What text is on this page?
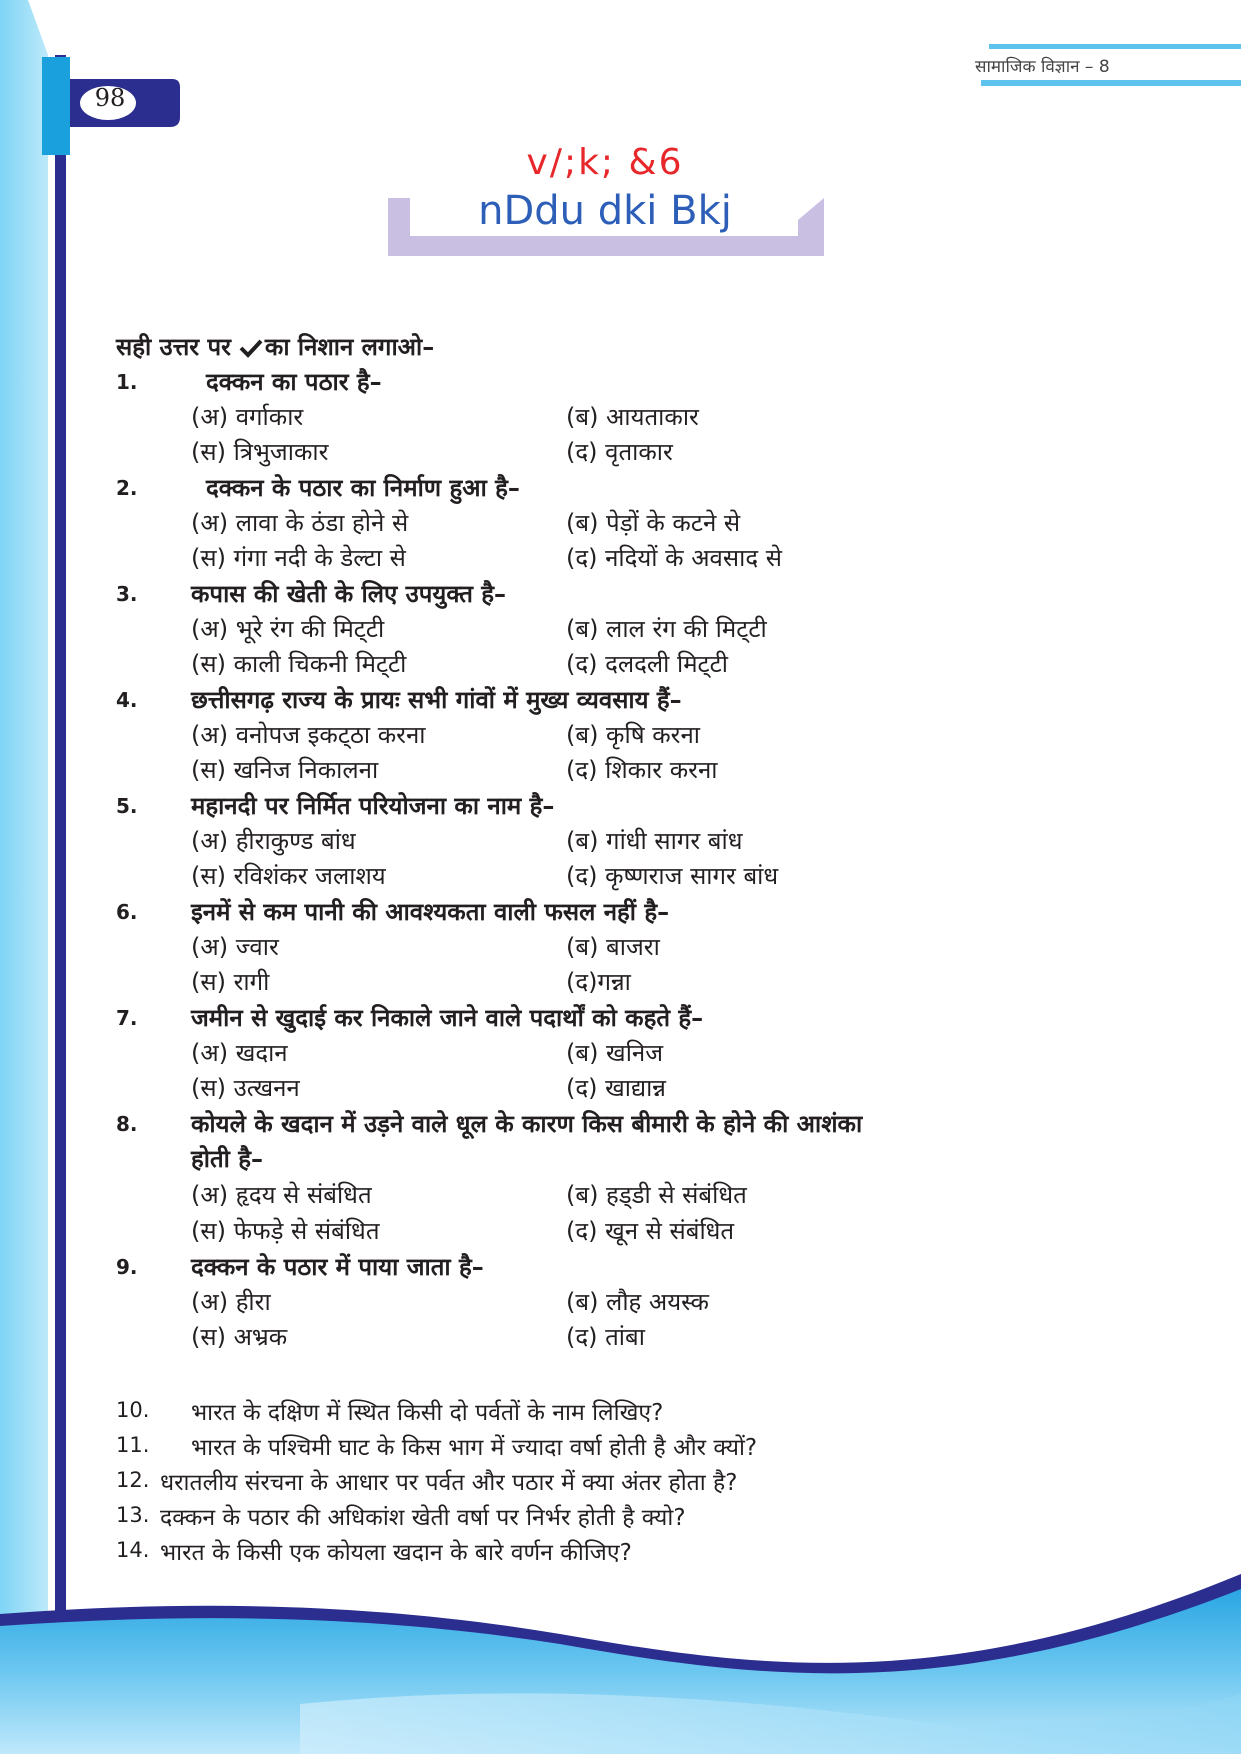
98
सामाजिक विज्ञान – 8
v/;k; &6
nDdu dki Bkj
सही उत्तर पर का निशान लगाओ–
1.	दक्कन का पठार है–
(अ) वर्गाकार	(ब) आयताकार
(स) त्रिभुजाकार	(द) वृताकार
2.	दक्कन के पठार का निर्माण हुआ है–
(अ) लावा के ठंडा होने से	(ब) पेड़ों के कटने से
(स) गंगा नदी के डेल्टा से	(द) नदियों के अवसाद से
3. कपास की खेती के लिए उपयुक्त है–
(अ) भूरे रंग की मिट्‌टी	(ब) लाल रंग की मिट्‌टी
(स) काली चिकनी मिट्‌टी	(द) दलदली मिट्‌टी
4. छत्तीसगढ़ राज्य के प्रायः सभी गांवों में मुख्य व्यवसाय हैं–
(अ) वनोपज इकट्‌ठा करना	(ब) कृषि करना
(स) खनिज निकालना	(द) शिकार करना
5. महानदी पर निर्मित परियोजना का नाम है–
(अ) हीराकुण्ड बांध	(ब) गांधी सागर बांध
(स) रविशंकर जलाशय	(द) कृष्णराज सागर बांध
6. इनमें से कम पानी की आवश्यकता वाली फसल नहीं है–
(अ) ज्वार	(ब) बाजरा
(स) रागी	(द)गन्ना
7. जमीन से खुदाई कर निकाले जाने वाले पदार्थों को कहते हैं–
(अ) खदान	(ब) खनिज
(स) उत्खनन	(द) खाद्यान्न
8. कोयले के खदान में उड़ने वाले धूल के कारण किस बीमारी के होने की आशंका
होती है–
(अ) हृदय से संबंधित	(ब) हड्‌डी से संबंधित
(स) फेफड़े से संबंधित	(द) खून से संबंधित
9. दक्कन के पठार में पाया जाता है–
(अ) हीरा	(ब) लौह अयस्क
(स) अभ्रक	(द) तांबा
10. भारत के दक्षिण में स्थित किसी दो पर्वतों के नाम लिखिए?
11. भारत के पश्चिमी घाट के किस भाग में ज्यादा वर्षा होती है और क्यों?
12. धरातलीय संरचना के आधार पर पर्वत और पठार में क्या अंतर होता है?
13. दक्कन के पठार की अधिकांश खेती वर्षा पर निर्भर होती है क्यो?
14. भारत के किसी एक कोयला खदान के बारे वर्णन कीजिए?
